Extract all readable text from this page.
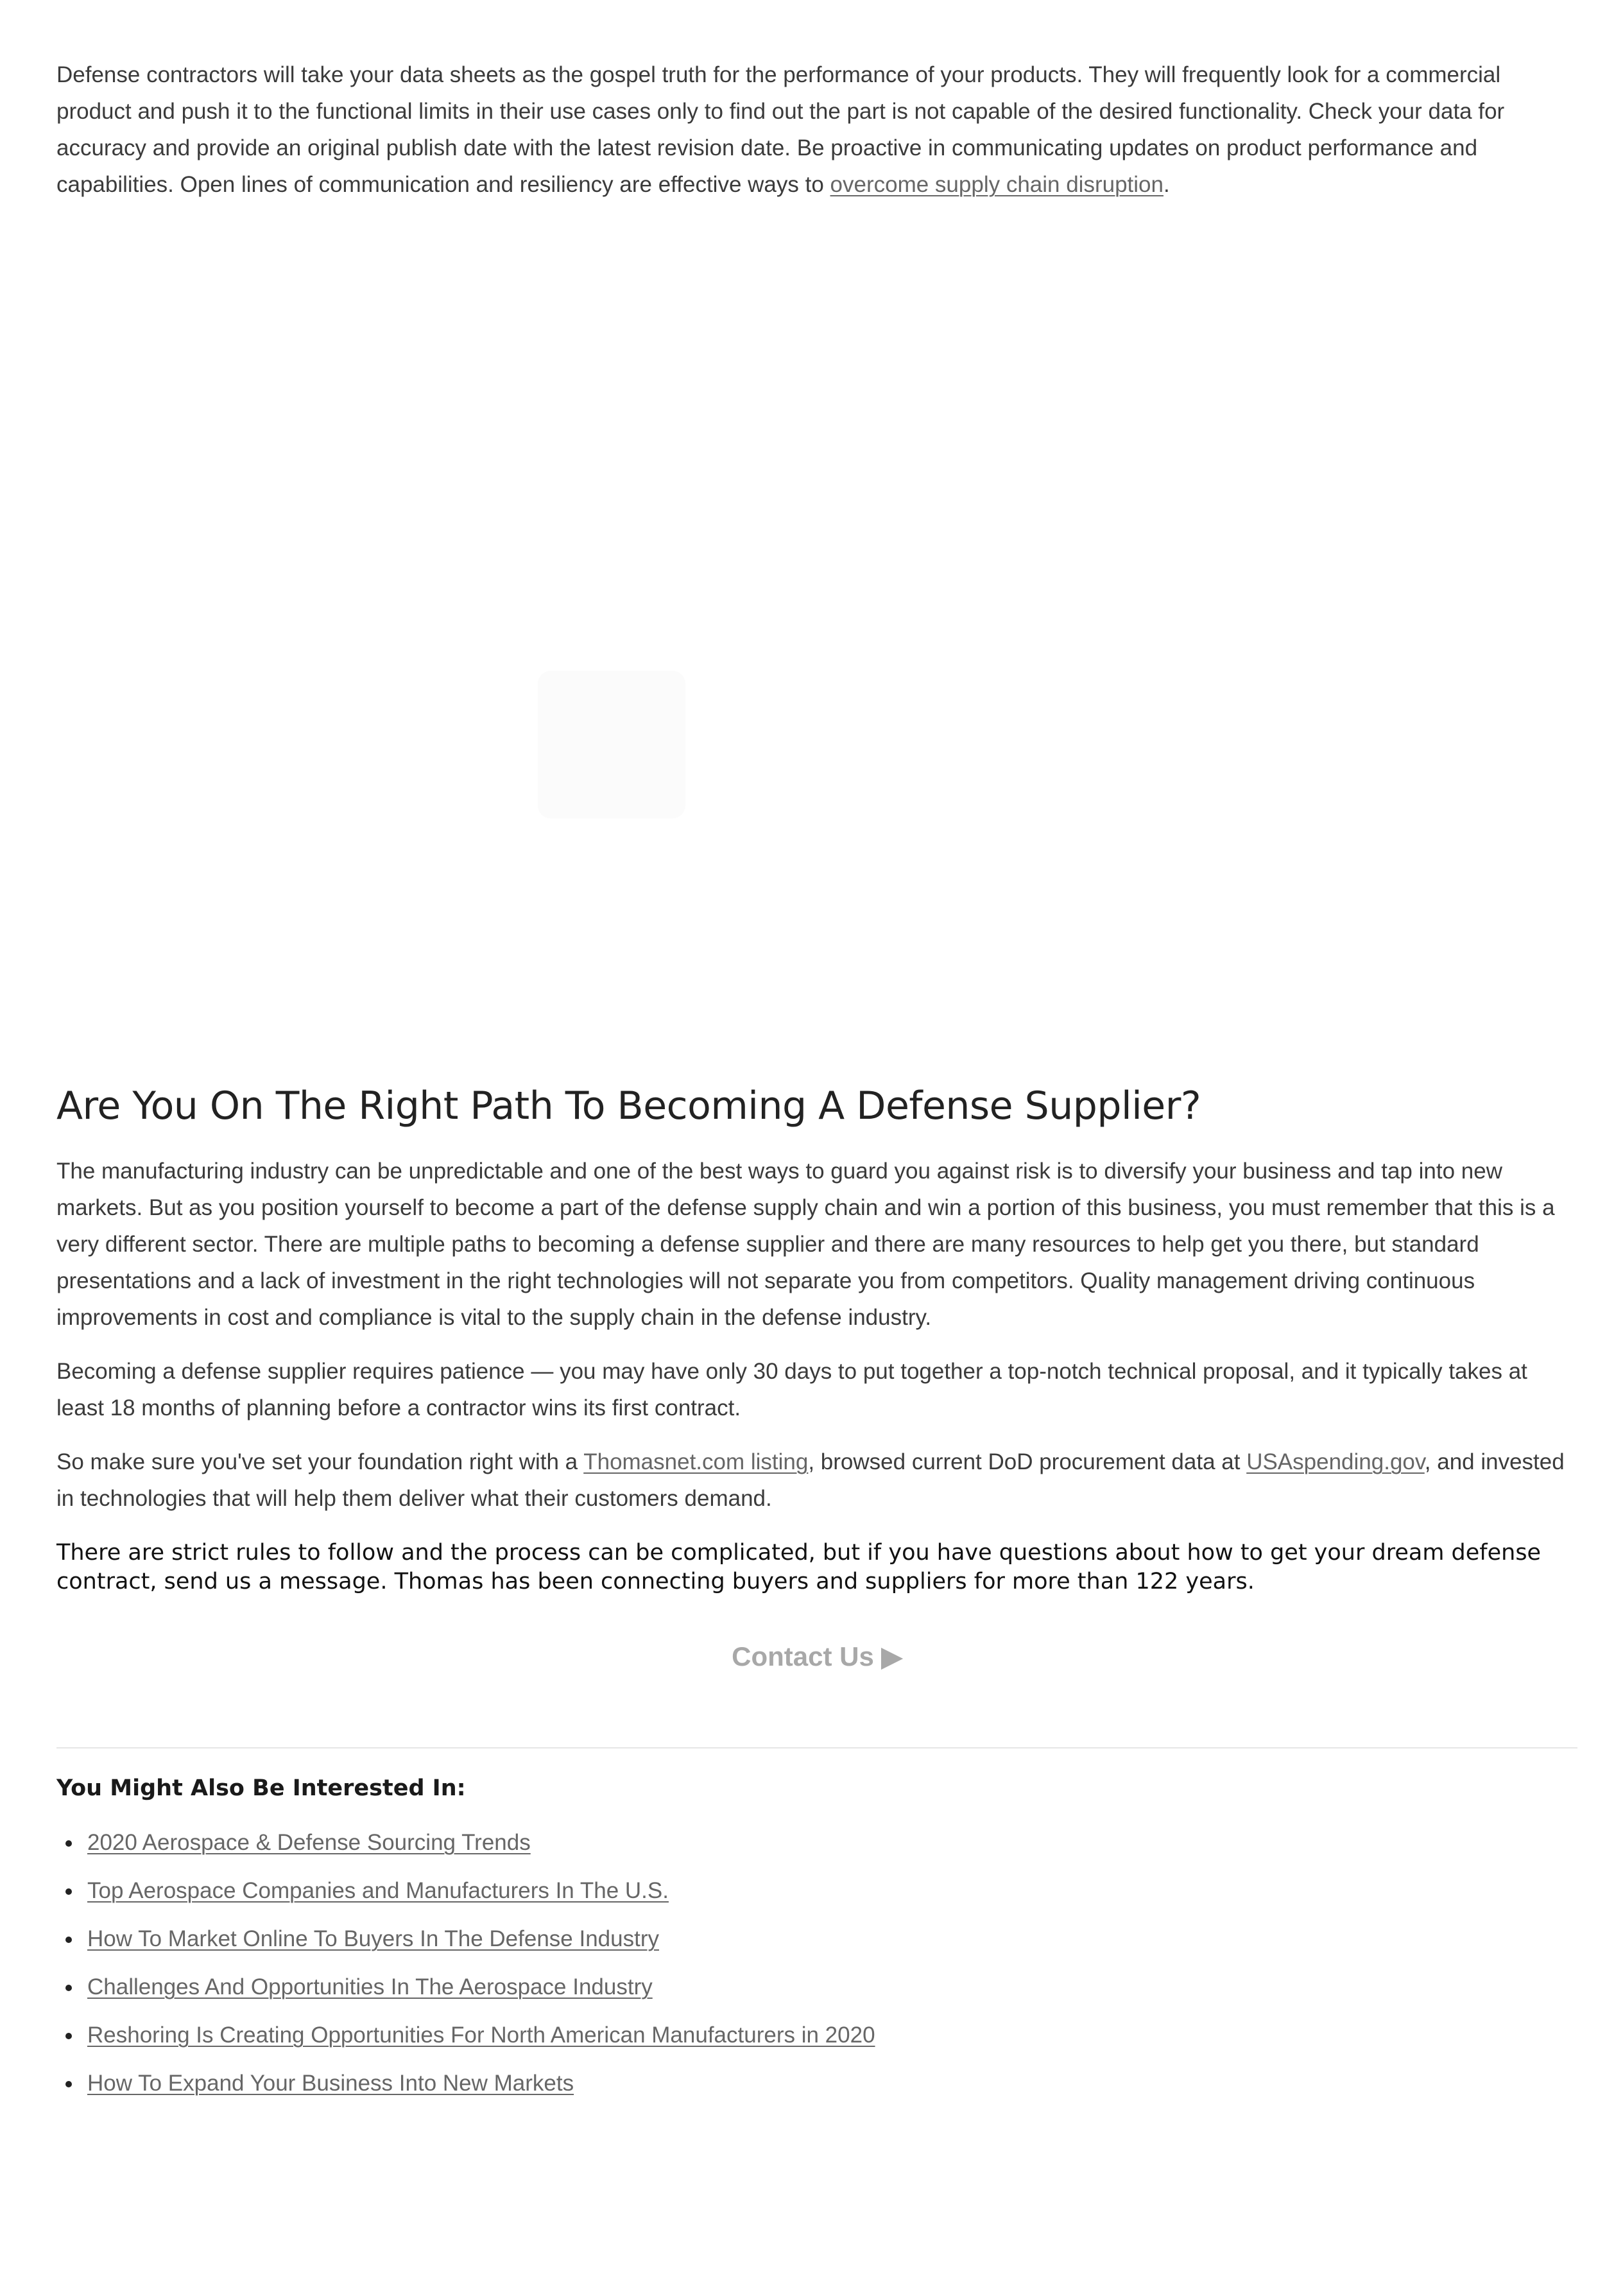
Defense contractors will take your data sheets as the gospel truth for the performance of your products. They will frequently look for a commercial product and push it to the functional limits in their use cases only to find out the part is not capable of the desired functionality. Check your data for accuracy and provide an original publish date with the latest revision date. Be proactive in communicating updates on product performance and capabilities. Open lines of communication and resiliency are effective ways to overcome supply chain disruption.

Are You On The Right Path To Becoming A Defense Supplier?

The manufacturing industry can be unpredictable and one of the best ways to guard you against risk is to diversify your business and tap into new markets. But as you position yourself to become a part of the defense supply chain and win a portion of this business, you must remember that this is a very different sector. There are multiple paths to becoming a defense supplier and there are many resources to help get you there, but standard presentations and a lack of investment in the right technologies will not separate you from competitors. Quality management driving continuous improvements in cost and compliance is vital to the supply chain in the defense industry.

Becoming a defense supplier requires patience — you may have only 30 days to put together a top-notch technical proposal, and it typically takes at least 18 months of planning before a contractor wins its first contract.

So make sure you've set your foundation right with a Thomasnet.com listing, browsed current DoD procurement data at USAspending.gov, and invested in technologies that will help them deliver what their customers demand.

There are strict rules to follow and the process can be complicated, but if you have questions about how to get your dream defense contract, send us a message. Thomas has been connecting buyers and suppliers for more than 122 years.

Contact Us ▶
You Might Also Be Interested In:
2020 Aerospace & Defense Sourcing Trends
Top Aerospace Companies and Manufacturers In The U.S.
How To Market Online To Buyers In The Defense Industry
Challenges And Opportunities In The Aerospace Industry
Reshoring Is Creating Opportunities For North American Manufacturers in 2020
How To Expand Your Business Into New Markets
